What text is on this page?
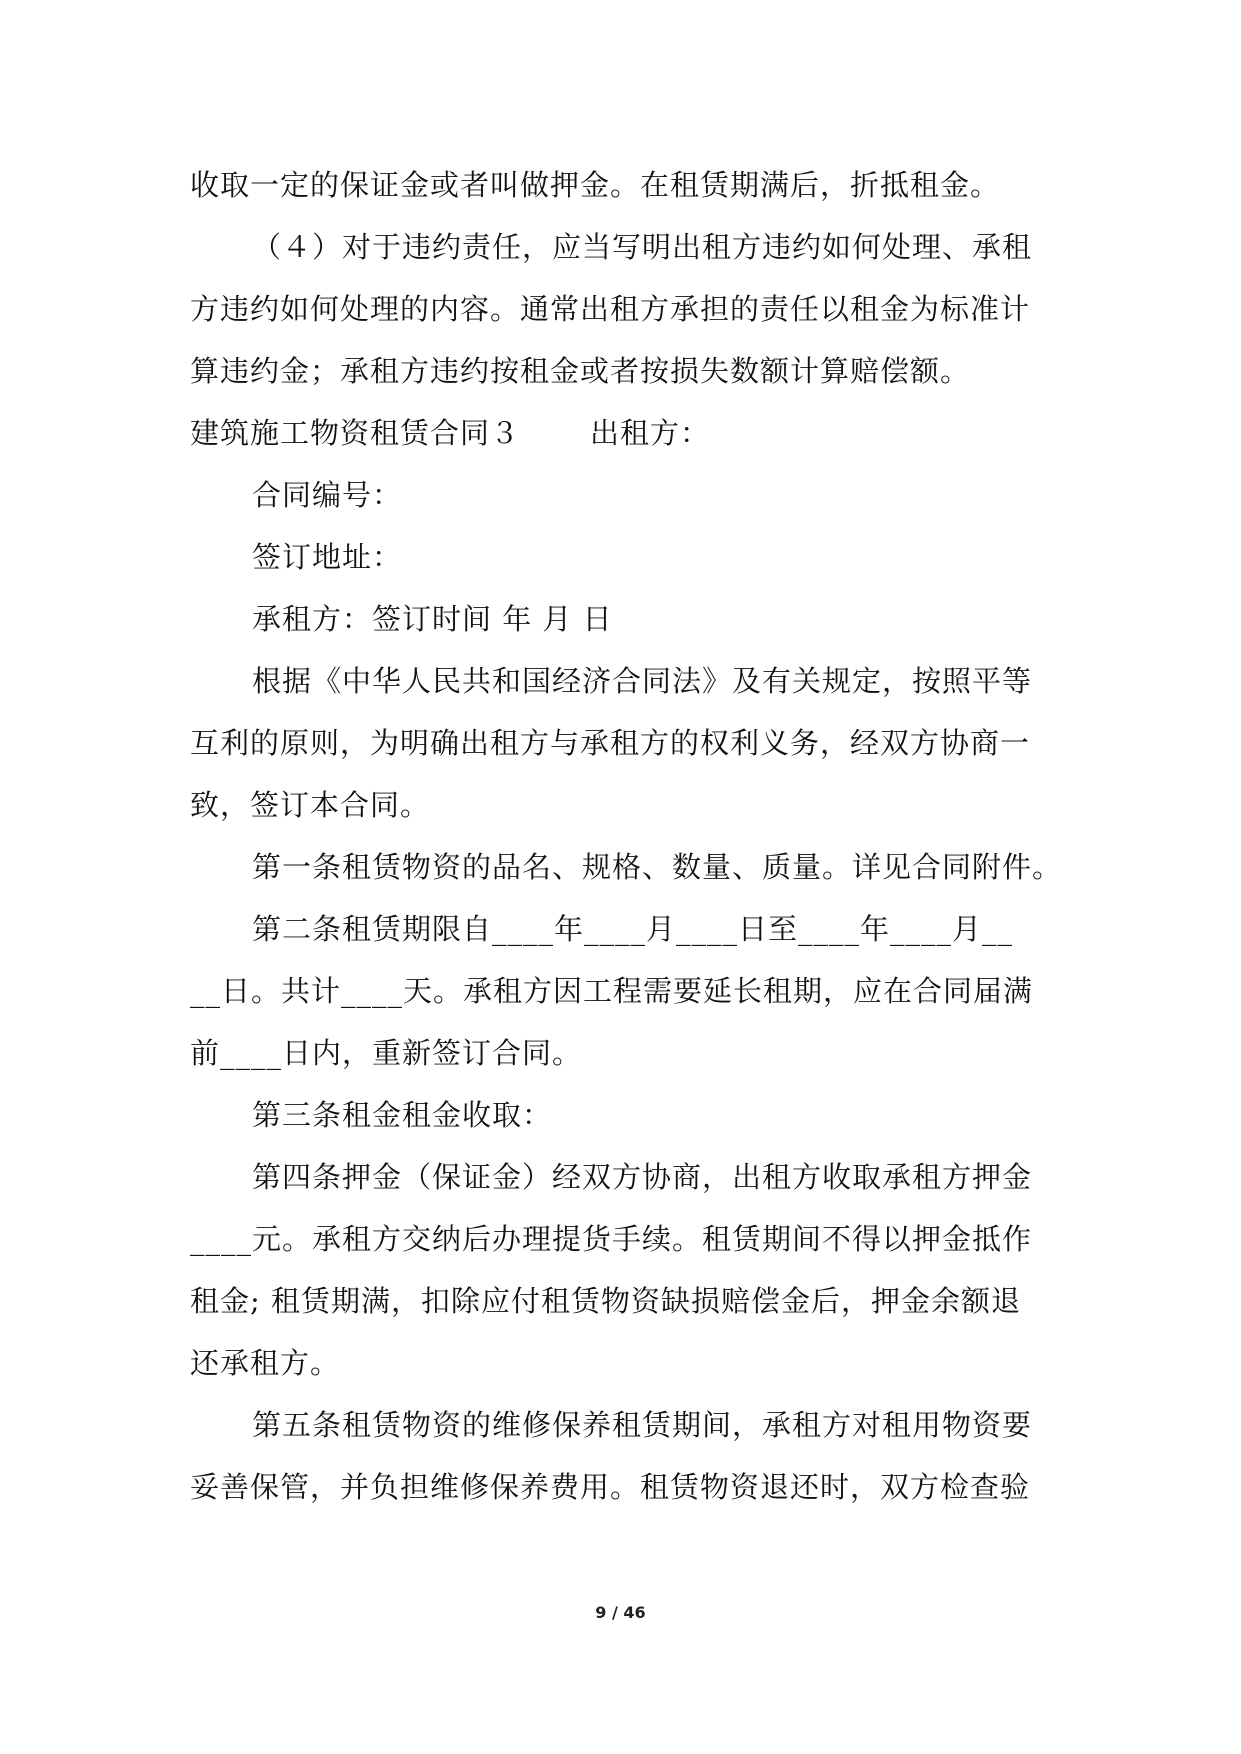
收取一定的保证金或者叫做押金。在租赁期满后，折抵租金。
（４）对于违约责任，应当写明出租方违约如何处理、承租
方违约如何处理的内容。通常出租方承担的责任以租金为标准计
算违约金；承租方违约按租金或者按损失数额计算赔偿额。
建筑施工物资租赁合同３ 出租方：
合同编号：
签订地址：
承租方：签订时间 年 月 日
根据《中华人民共和国经济合同法》及有关规定，按照平等
互利的原则，为明确出租方与承租方的权利义务，经双方协商一
致，签订本合同。
第一条租赁物资的品名、规格、数量、质量。详见合同附件。
第二条租赁期限自____年____月____日至____年____月__
__日。共计____天。承租方因工程需要延长租期，应在合同届满
前____日内，重新签订合同。
第三条租金租金收取：
第四条押金（保证金）经双方协商，出租方收取承租方押金
____元。承租方交纳后办理提货手续。租赁期间不得以押金抵作
租金; 租赁期满，扣除应付租赁物资缺损赔偿金后，押金余额退
还承租方。
第五条租赁物资的维修保养租赁期间，承租方对租用物资要
妥善保管，并负担维修保养费用。租赁物资退还时，双方检查验
9 / 46
